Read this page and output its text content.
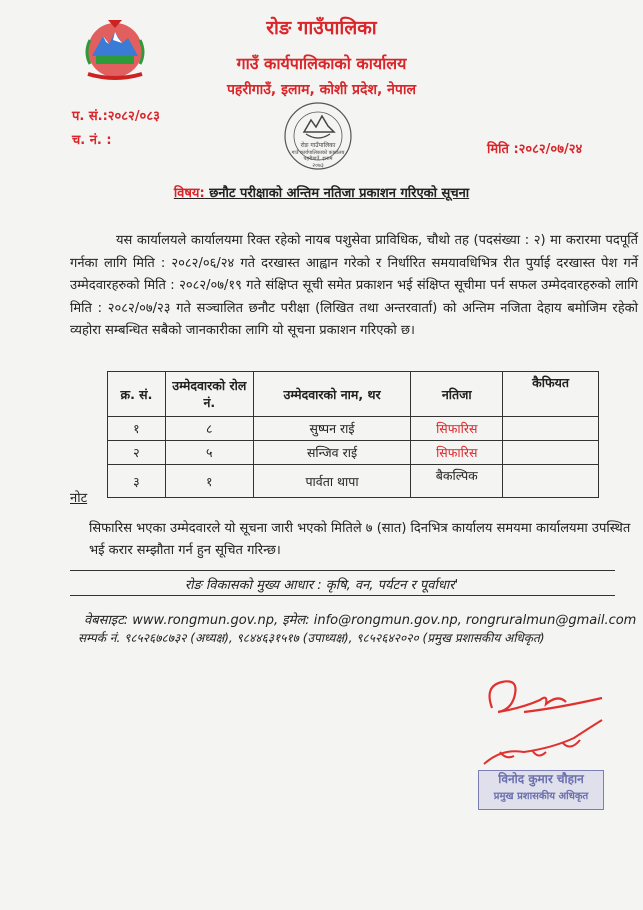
रोङ गाउँपालिका
गाउँ कार्यपालिकाको कार्यालय
पहरीगाउँ, इलाम, कोशी प्रदेश, नेपाल
रोङ गाउँपालिका
गाउँ कार्यपालिकाको कार्यालय
पहरीगाउँ, इलाम
२०७३
प. सं.:२०८२/०८३
च. नं. :
मिति :२०८२/०७/२४
विषय: छनौट परीक्षाको अन्तिम नतिजा प्रकाशन गरिएको सूचना
यस कार्यालयले कार्यालयमा रिक्त रहेको नायब पशुसेवा प्राविधिक, चौथो तह (पदसंख्या : २) मा करारमा पदपूर्ति गर्नका लागि मिति : २०८२/०६/२४ गते दरखास्त आह्वान गरेको र निर्धारित समयावधिभित्र रीत पुर्याई दरखास्त पेश गर्ने उम्मेदवारहरुको मिति : २०८२/०७/१९ गते संक्षिप्त सूची समेत प्रकाशन भई संक्षिप्त सूचीमा पर्न सफल उम्मेदवारहरुको लागि मिति : २०८२/०७/२३ गते सञ्चालित छनौट परीक्षा (लिखित तथा अन्तरवार्ता) को अन्तिम नजिता देहाय बमोजिम रहेको व्यहोरा सम्बन्धित सबैको जानकारीका लागि यो सूचना प्रकाशन गरिएको छ।
क्र. सं.	उम्मेदवारको रोल नं.	उम्मेदवारको नाम, थर	नतिजा	कैफियत
१	८	सुष्पन राई	सिफारिस	
२	५	सन्जिव राई	सिफारिस	
३	१	पार्वता थापा	बैकल्पिक	
नोट
सिफारिस भएका उम्मेदवारले यो सूचना जारी भएको मितिले ७ (सात) दिनभित्र कार्यालय समयमा कार्यालयमा उपस्थित भई करार सम्झौता गर्न हुन सूचित गरिन्छ।
रोङ विकासको मुख्य आधार : कृषि, वन, पर्यटन र पूर्वाधार'
वेबसाइट: www.rongmun.gov.np, इमेल: info@rongmun.gov.np, rongruralmun@gmail.com
सम्पर्क नं. ९८५२६७८७३२ (अध्यक्ष), ९८४४६३१५१७ (उपाध्यक्ष), ९८५२६४२०२० (प्रमुख प्रशासकीय अधिकृत)
विनोद कुमार चौहान
प्रमुख प्रशासकीय अधिकृत
